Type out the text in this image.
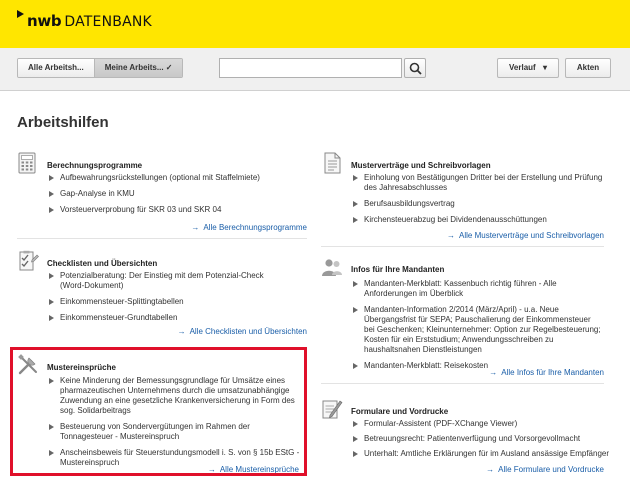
nwb DATENBANK
Alle Arbeitsh...	Meine Arbeits... ✓	Verlauf ▾	Akten
Arbeitshilfen
Berechnungsprogramme
Aufbewahrungsrückstellungen (optional mit Staffelmiete)
Gap-Analyse in KMU
Vorsteuerverprobung für SKR 03 und SKR 04
→ Alle Berechnungsprogramme
Musterverträge und Schreibvorlagen
Einholung von Bestätigungen Dritter bei der Erstellung und Prüfung des Jahresabschlusses
Berufsausbildungsvertrag
Kirchensteuerabzug bei Dividendenausschüttungen
→ Alle Musterverträge und Schreibvorlagen
Checklisten und Übersichten
Potenzialberatung: Der Einstieg mit dem Potenzial-Check (Word-Dokument)
Einkommensteuer-Splittingtabellen
Einkommensteuer-Grundtabellen
→ Alle Checklisten und Übersichten
Infos für Ihre Mandanten
Mandanten-Merkblatt: Kassenbuch richtig führen - Alle Anforderungen im Überblick
Mandanten-Information 2/2014 (März/April) - u.a. Neue Übergangsfrist für SEPA; Pauschalierung der Einkommensteuer bei Geschenken; Kleinunternehmer: Option zur Regelbesteuerung; Kosten für ein Erststudium; Anwendungsschreiben zu haushaltsnahen Dienstleistungen
Mandanten-Merkblatt: Reisekosten
→ Alle Infos für Ihre Mandanten
Mustereinsprüche
Keine Minderung der Bemessungsgrundlage für Umsätze eines pharmazeutischen Unternehmens durch die umsatzunabhängige Zuwendung an eine gesetzliche Krankenversicherung in Form des sog. Solidarbeitrags
Besteuerung von Sondervergütungen im Rahmen der Tonnagesteuer - Mustereinspruch
Anscheinsbeweis für Steuerstundungsmodell i. S. von § 15b EStG - Mustereinspruch
→ Alle Mustereinsprüche
Formulare und Vordrucke
Formular-Assistent (PDF-XChange Viewer)
Betreuungsrecht: Patientenverfügung und Vorsorgevollmacht
Unterhalt: Amtliche Erklärungen für im Ausland ansässige Empfänger
→ Alle Formulare und Vordrucke
